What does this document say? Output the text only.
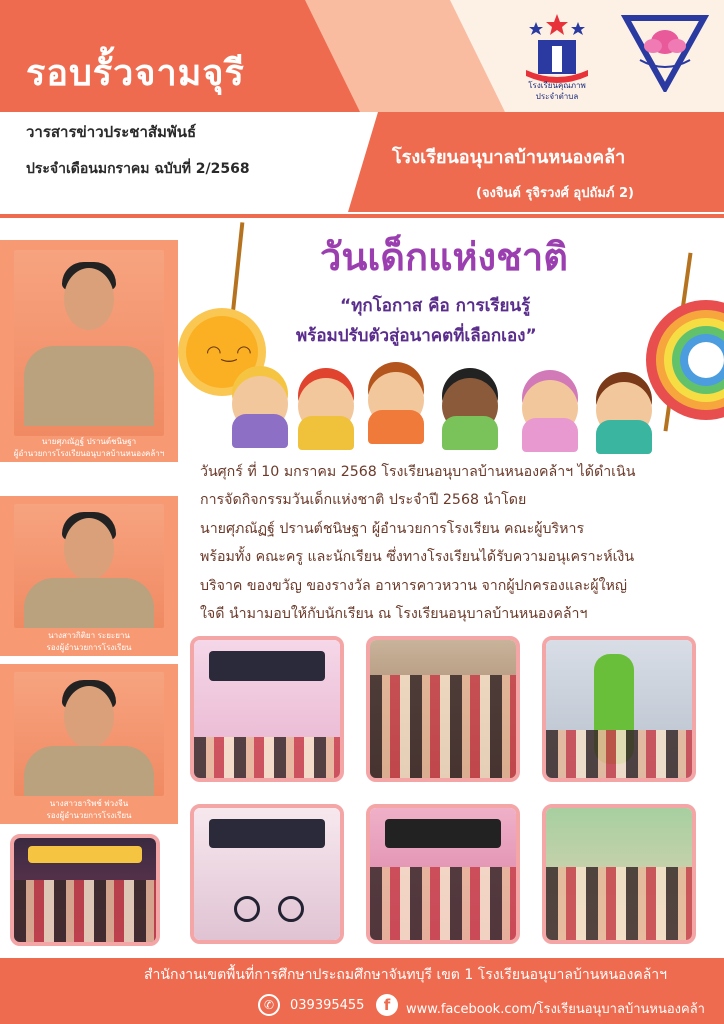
รอบรั้วจามจุรี	โรงเรียนคุณภาพ
ประจำตำบล
วารสารข่าวประชาสัมพันธ์
ประจำเดือนมกราคม ฉบับที่ 2/2568
โรงเรียนอนุบาลบ้านหนองคล้า
(จงจินต์ รุจิรวงศ์ อุปถัมภ์ 2)
นายศุภณัฏฐ์ ปรานต์ชนิษฐา
ผู้อำนวยการโรงเรียนอนุบาลบ้านหนองคล้าฯ
นางสาวกิติยา ระยะยาน
รองผู้อำนวยการโรงเรียน
นางสาวธาริพช์ พ่วงจีน
รองผู้อำนวยการโรงเรียน
◠‿◠
วันเด็กแห่งชาติ
“ทุกโอกาส คือ การเรียนรู้
พร้อมปรับตัวสู่อนาคตที่เลือกเอง”
วันศุกร์ ที่ 10 มกราคม 2568 โรงเรียนอนุบาลบ้านหนองคล้าฯ ได้ดำเนิน
การจัดกิจกรรมวันเด็กแห่งชาติ ประจำปี 2568 นำโดย
นายศุภณัฏฐ์ ปรานต์ชนิษฐา ผู้อำนวยการโรงเรียน คณะผู้บริหาร
พร้อมทั้ง คณะครู และนักเรียน ซึ่งทางโรงเรียนได้รับความอนุเคราะห์เงิน
บริจาค ของขวัญ ของรางวัล อาหารคาวหวาน จากผู้ปกครองและผู้ใหญ่
ใจดี นำมามอบให้กับนักเรียน ณ โรงเรียนอนุบาลบ้านหนองคล้าฯ
สำนักงานเขตพื้นที่การศึกษาประถมศึกษาจันทบุรี เขต 1 โรงเรียนอนุบาลบ้านหนองคล้าฯ
✆	039395455	f	www.facebook.com/โรงเรียนอนุบาลบ้านหนองคล้า
